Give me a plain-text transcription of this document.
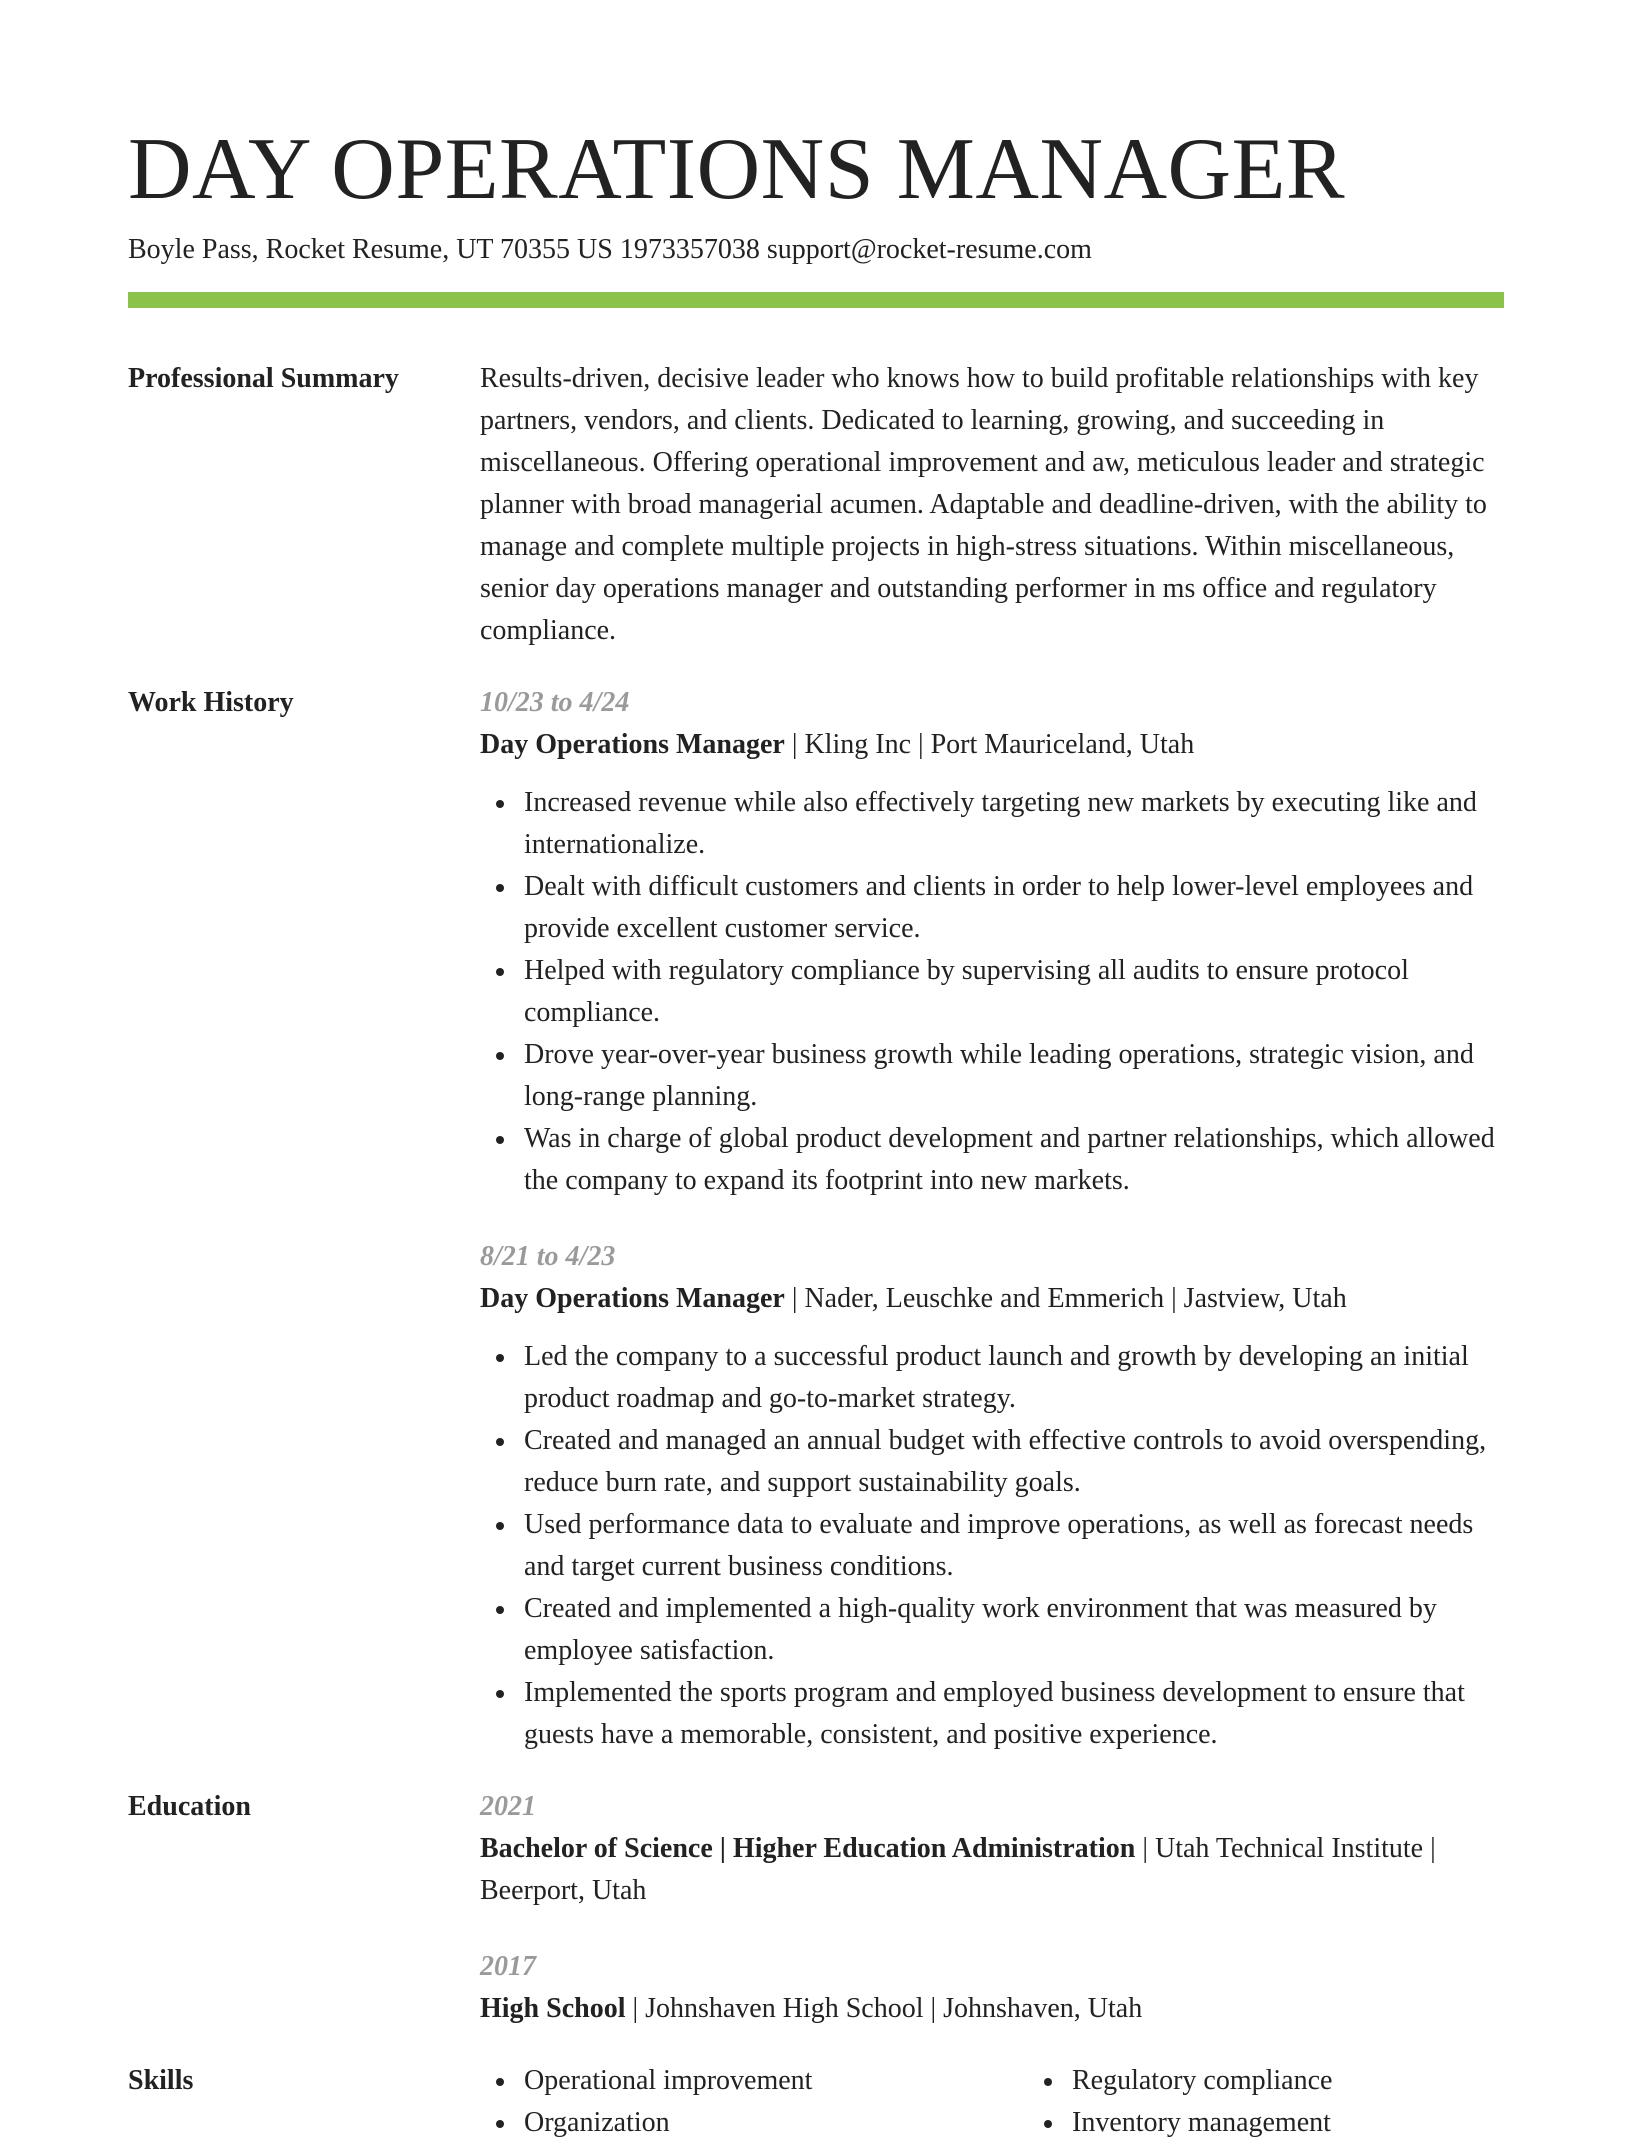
DAY OPERATIONS MANAGER
Boyle Pass, Rocket Resume, UT 70355 US 1973357038 support@rocket-resume.com
Professional Summary	Results-driven, decisive leader who knows how to build profitable relationships with key partners, vendors, and clients. Dedicated to learning, growing, and succeeding in miscellaneous. Offering operational improvement and aw, meticulous leader and strategic planner with broad managerial acumen. Adaptable and deadline-driven, with the ability to manage and complete multiple projects in high-stress situations. Within miscellaneous, senior day operations manager and outstanding performer in ms office and regulatory compliance.

Work History	10/23 to 4/24
Day Operations Manager | Kling Inc | Port Mauriceland, Utah
Increased revenue while also effectively targeting new markets by executing like and internationalize.
Dealt with difficult customers and clients in order to help lower-level employees and provide excellent customer service.
Helped with regulatory compliance by supervising all audits to ensure protocol compliance.
Drove year-over-year business growth while leading operations, strategic vision, and long-range planning.
Was in charge of global product development and partner relationships, which allowed the company to expand its footprint into new markets.
8/21 to 4/23
Day Operations Manager | Nader, Leuschke and Emmerich | Jastview, Utah
Led the company to a successful product launch and growth by developing an initial product roadmap and go-to-market strategy.
Created and managed an annual budget with effective controls to avoid overspending, reduce burn rate, and support sustainability goals.
Used performance data to evaluate and improve operations, as well as forecast needs and target current business conditions.
Created and implemented a high-quality work environment that was measured by employee satisfaction.
Implemented the sports program and employed business development to ensure that guests have a memorable, consistent, and positive experience.
Education	2021
Bachelor of Science | Higher Education Administration | Utah Technical Institute | Beerport, Utah
2017
High School | Johnshaven High School | Johnshaven, Utah
Skills	Operational improvement
Organization
Regulatory compliance
Inventory management
